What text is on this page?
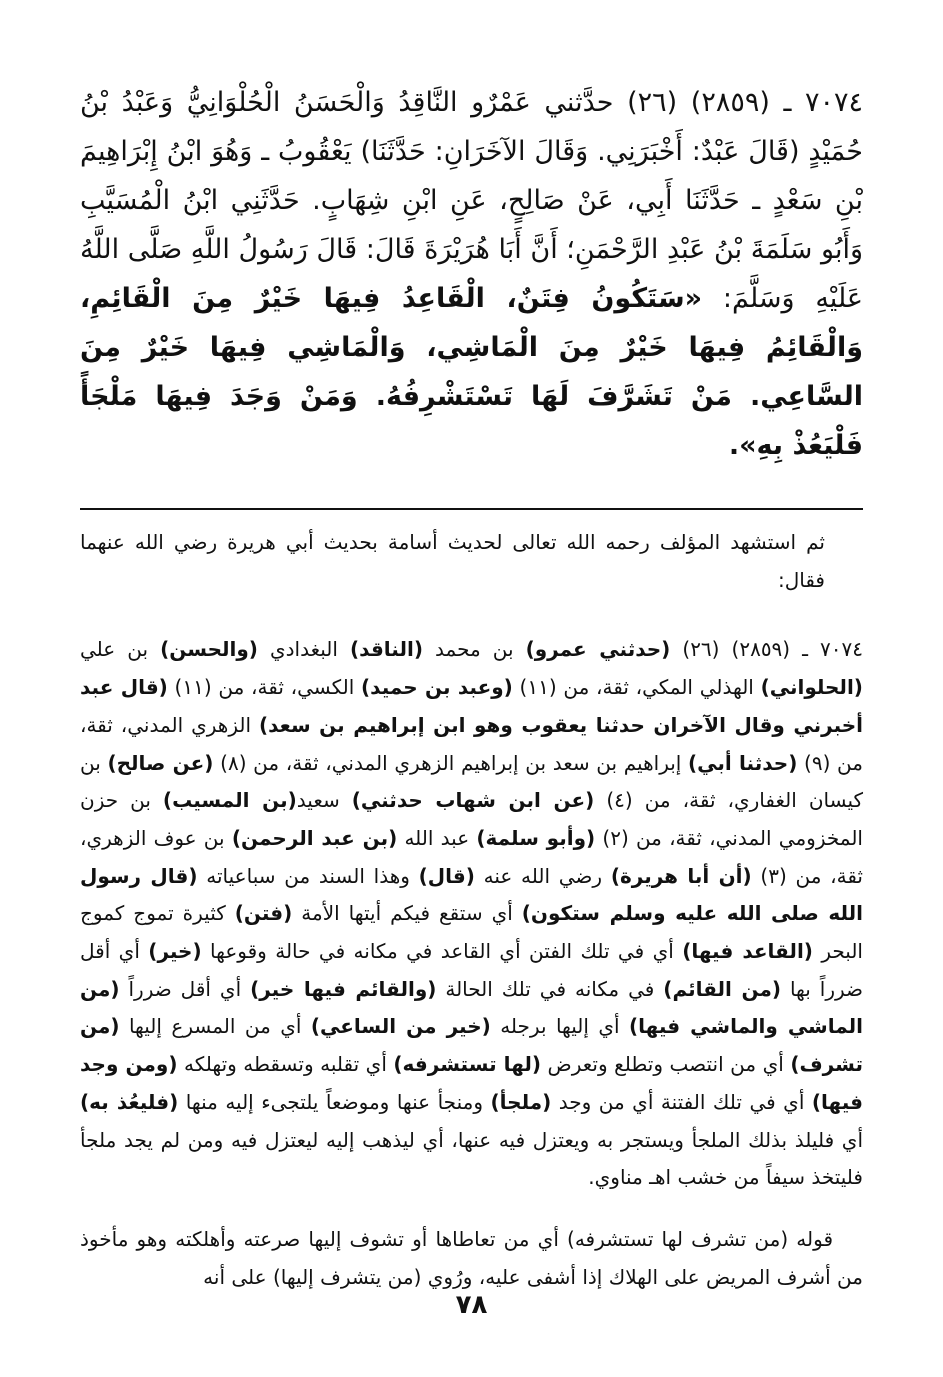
٧٠٧٤ ـ (٢٨٥٩) (٢٦) حدَّثني عَمْرٌو النَّاقِدُ وَالْحَسَنُ الْحُلْوَانِيُّ وَعَبْدُ بْنُ حُمَيْدٍ (قَالَ عَبْدٌ: أَخْبَرَنِي. وَقَالَ الآخَرَانِ: حَدَّثَنَا) يَعْقُوبُ ـ وَهُوَ ابْنُ إِبْرَاهِيمَ بْنِ سَعْدٍ ـ حَدَّثَنَا أَبِي، عَنْ صَالِحٍ، عَنِ ابْنِ شِهَابٍ. حَدَّثَنِي ابْنُ الْمُسَيَّبِ وَأَبُو سَلَمَةَ بْنُ عَبْدِ الرَّحْمَنِ؛ أَنَّ أَبَا هُرَيْرَةَ قَالَ: قَالَ رَسُولُ اللَّهِ صَلَّى اللَّهُ عَلَيْهِ وَسَلَّمَ: «سَتَكُونُ فِتَنٌ، الْقَاعِدُ فِيهَا خَيْرٌ مِنَ الْقَائِمِ، وَالْقَائِمُ فِيهَا خَيْرٌ مِنَ الْمَاشِي، وَالْمَاشِي فِيهَا خَيْرٌ مِنَ السَّاعِي. مَنْ تَشَرَّفَ لَهَا تَسْتَشْرِفُهُ. وَمَنْ وَجَدَ فِيهَا مَلْجَأً فَلْيَعُذْ بِهِ».

ثم استشهد المؤلف رحمه الله تعالى لحديث أسامة بحديث أبي هريرة رضي الله عنهما فقال:

٧٠٧٤ ـ (٢٨٥٩) (٢٦) (حدثني عمرو) بن محمد (الناقد) البغدادي (والحسن) بن علي (الحلواني) الهذلي المكي، ثقة، من (١١) (وعبد بن حميد) الكسي، ثقة، من (١١) (قال عبد أخبرني وقال الآخران حدثنا يعقوب وهو ابن إبراهيم بن سعد) الزهري المدني، ثقة، من (٩) (حدثنا أبي) إبراهيم بن سعد بن إبراهيم الزهري المدني، ثقة، من (٨) (عن صالح) بن كيسان الغفاري، ثقة، من (٤) (عن ابن شهاب حدثني) سعيد(بن المسيب) بن حزن المخزومي المدني، ثقة، من (٢) (وأبو سلمة) عبد الله (بن عبد الرحمن) بن عوف الزهري، ثقة، من (٣) (أن أبا هريرة) رضي الله عنه (قال) وهذا السند من سباعياته (قال رسول الله صلى الله عليه وسلم ستكون) أي ستقع فيكم أيتها الأمة (فتن) كثيرة تموج كموج البحر (القاعد فيها) أي في تلك الفتن أي القاعد في مكانه في حالة وقوعها (خير) أي أقل ضرراً بها (من القائم) في مكانه في تلك الحالة (والقائم فيها خير) أي أقل ضرراً (من الماشي والماشي فيها) أي إليها برجله (خير من الساعي) أي من المسرع إليها (من تشرف) أي من انتصب وتطلع وتعرض (لها تستشرفه) أي تقلبه وتسقطه وتهلكه (ومن وجد فيها) أي في تلك الفتنة أي من وجد (ملجأ) ومنجأ عنها وموضعاً يلتجىء إليه منها (فليعُذ به) أي فليلذ بذلك الملجأ ويستجر به ويعتزل فيه عنها، أي ليذهب إليه ليعتزل فيه ومن لم يجد ملجأ فليتخذ سيفاً من خشب اهـ مناوي.

قوله (من تشرف لها تستشرفه) أي من تعاطاها أو تشوف إليها صرعته وأهلكته وهو مأخوذ من أشرف المريض على الهلاك إذا أشفى عليه، ورُوي (من يتشرف إليها) على أنه

٧٨
